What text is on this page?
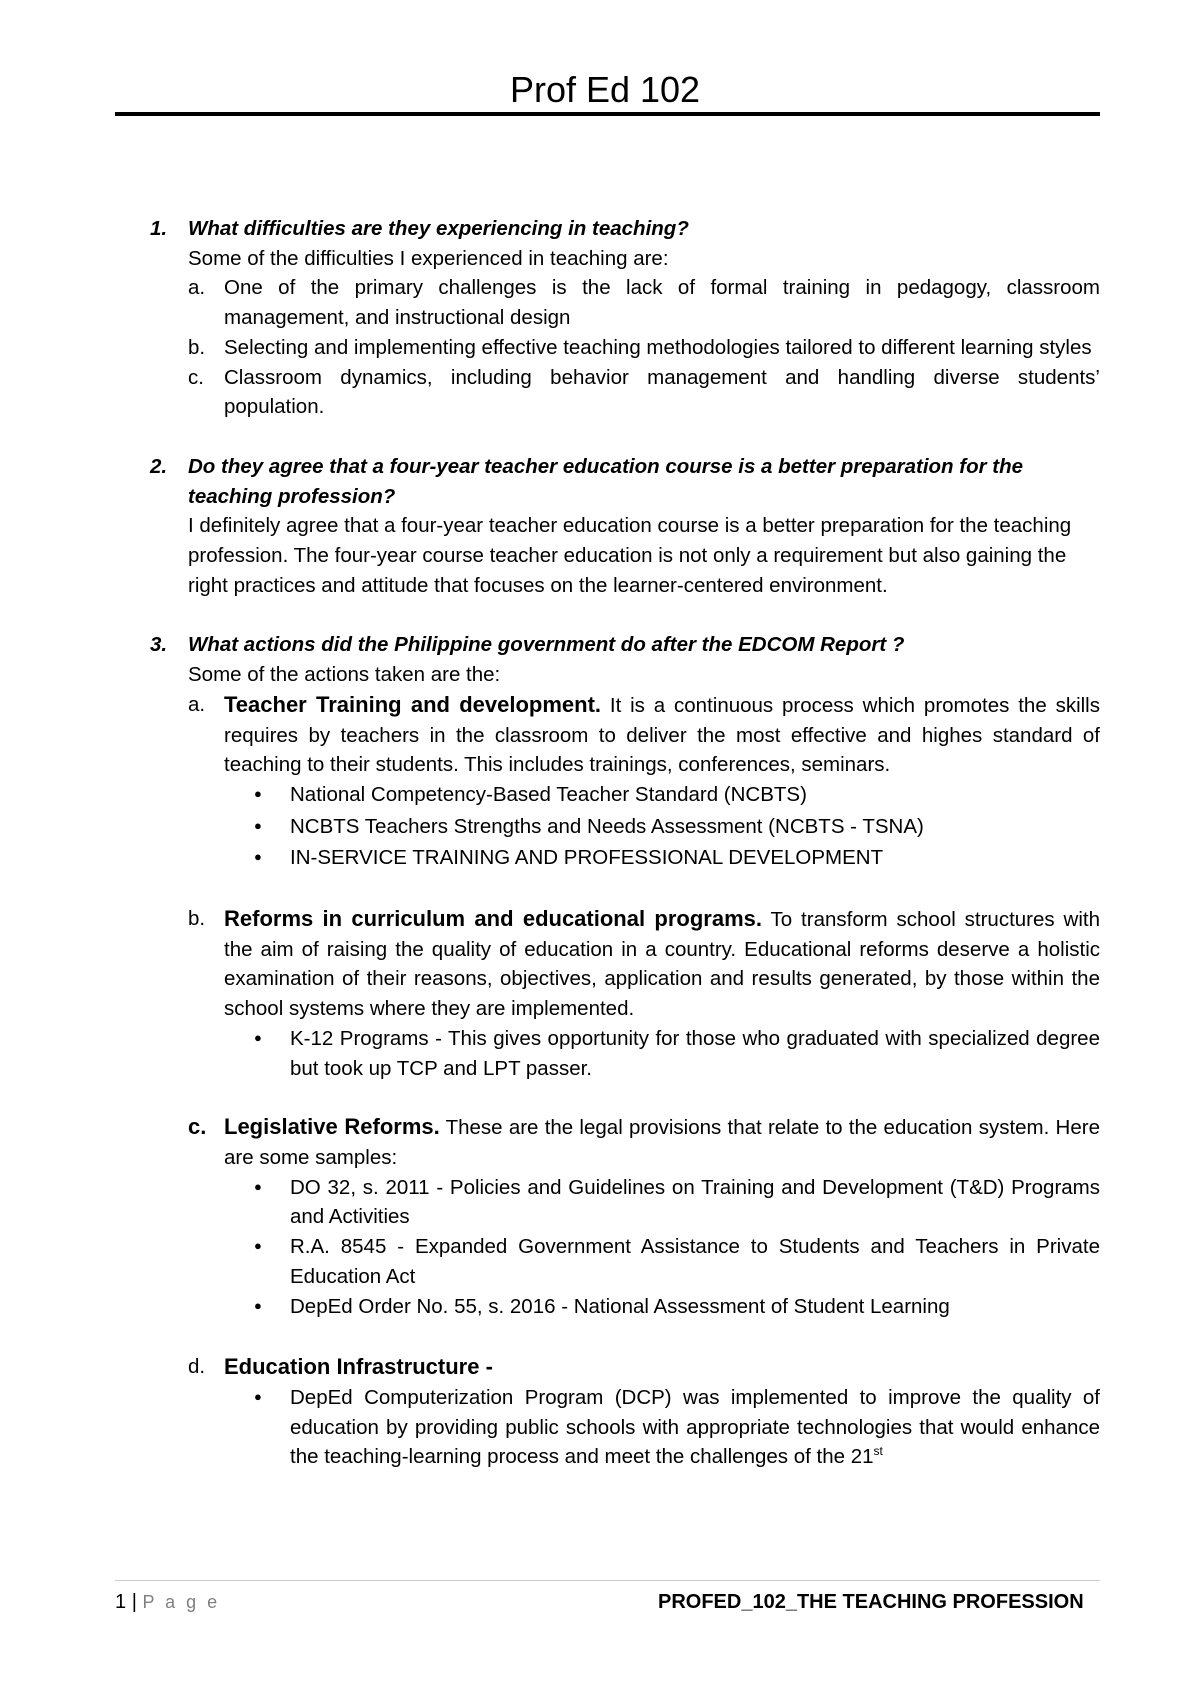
Prof Ed 102
1.	What difficulties are they experiencing in teaching?
Some of the difficulties I experienced in teaching are:
a. One of the primary challenges is the lack of formal training in pedagogy, classroom management, and instructional design
b. Selecting and implementing effective teaching methodologies tailored to different learning styles
c. Classroom dynamics, including behavior management and handling diverse students’ population.
2.	Do they agree that a four-year teacher education course is a better preparation for the teaching profession?
I definitely agree that a four-year teacher education course is a better preparation for the teaching profession. The four-year course teacher education is not only a requirement but also gaining the right practices and attitude that focuses on the learner-centered environment.
3.	What actions did the Philippine government do after the EDCOM Report ?
Some of the actions taken are the:
a. Teacher Training and development. It is a continuous process which promotes the skills requires by teachers in the classroom to deliver the most effective and highes standard of teaching to their students. This includes trainings, conferences, seminars.
●
National Competency-Based Teacher Standard (NCBTS)
●
NCBTS Teachers Strengths and Needs Assessment (NCBTS - TSNA)
●
IN-SERVICE TRAINING AND PROFESSIONAL DEVELOPMENT
b. Reforms in curriculum and educational programs. To transform school structures with the aim of raising the quality of education in a country. Educational reforms deserve a holistic examination of their reasons, objectives, application and results generated, by those within the school systems where they are implemented.
●
K-12 Programs - This gives opportunity for those who graduated with specialized degree but took up TCP and LPT passer.
c. Legislative Reforms. These are the legal provisions that relate to the education system. Here are some samples:
●
DO 32, s. 2011 - Policies and Guidelines on Training and Development (T&D) Programs and Activities
●
R.A. 8545 - Expanded Government Assistance to Students and Teachers in Private Education Act
●
DepEd Order No. 55, s. 2016 - National Assessment of Student Learning
d. Education Infrastructure -
●
DepEd Computerization Program (DCP) was implemented to improve the quality of education by providing public schools with appropriate technologies that would enhance the teaching-learning process and meet the challenges of the 21st
1 | P a g e	PROFED_102_THE TEACHING PROFESSION
